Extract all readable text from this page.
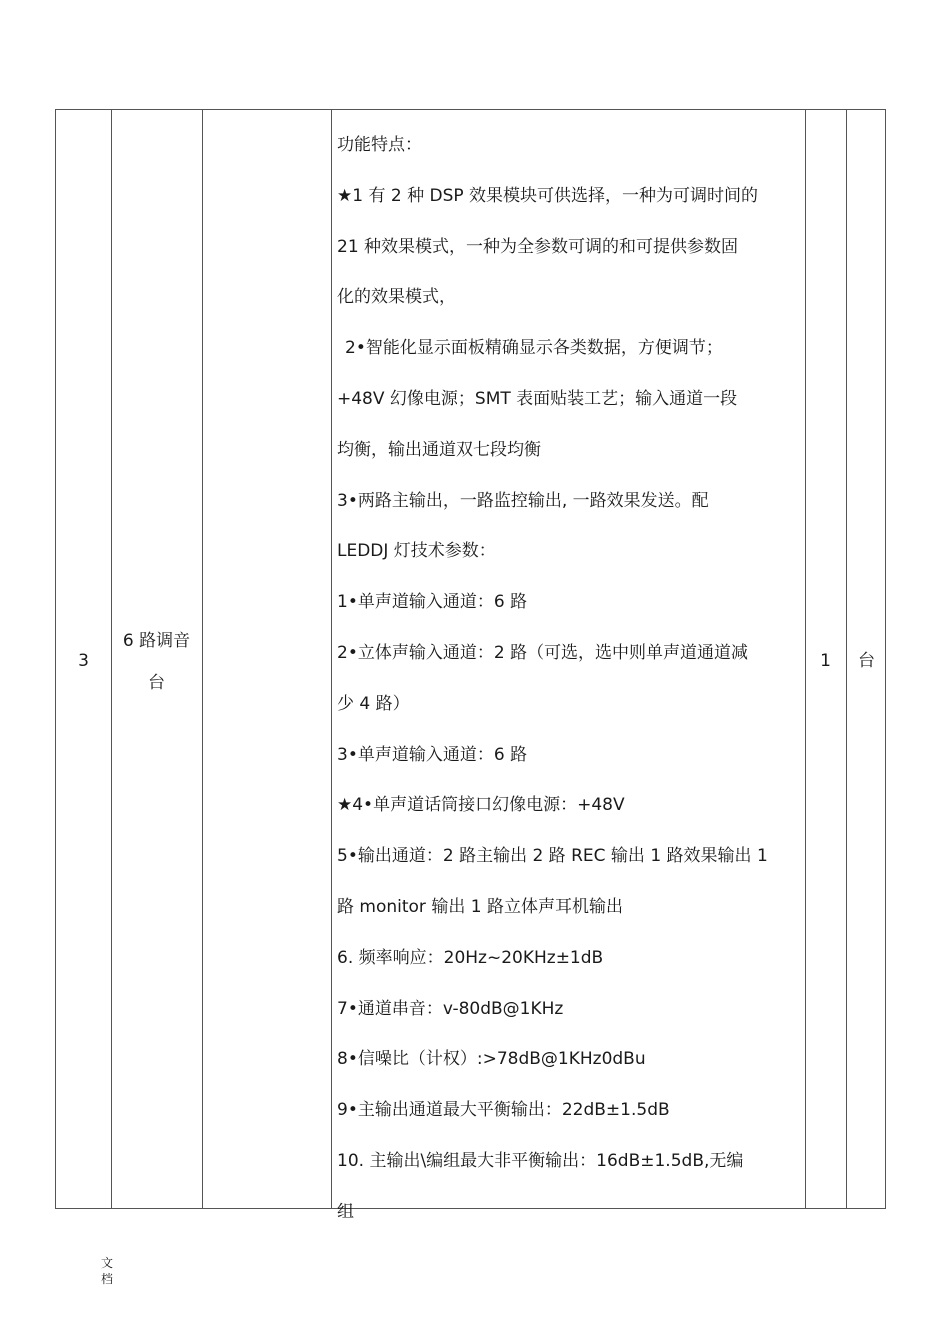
3
6 路调音
台
功能特点：
★1 有 2 种 DSP 效果模块可供选择，一种为可调时间的
21 种效果模式，一种为全参数可调的和可提供参数固
化的效果模式，
2•智能化显示面板精确显示各类数据，方便调节；
+48V 幻像电源；SMT 表面贴装工艺；输入通道一段
均衡，输出通道双七段均衡
3•两路主输出，一路监控输出, 一路效果发送。配
LEDDJ 灯技术参数：
1•单声道输入通道：6 路
2•立体声输入通道：2 路（可选，选中则单声道通道减
少 4 路）
3•单声道输入通道：6 路
★4•单声道话筒接口幻像电源：+48V
5•输出通道：2 路主输出 2 路 REC 输出 1 路效果输出 1
路 monitor 输出 1 路立体声耳机输出
6. 频率响应：20Hz~20KHz±1dB
7•通道串音：v-80dB@1KHz
8•信噪比（计权）:>78dB@1KHz0dBu
9•主输出通道最大平衡输出：22dB±1.5dB
10. 主输出\编组最大非平衡输出：16dB±1.5dB,无编
组
1	台
文
档
